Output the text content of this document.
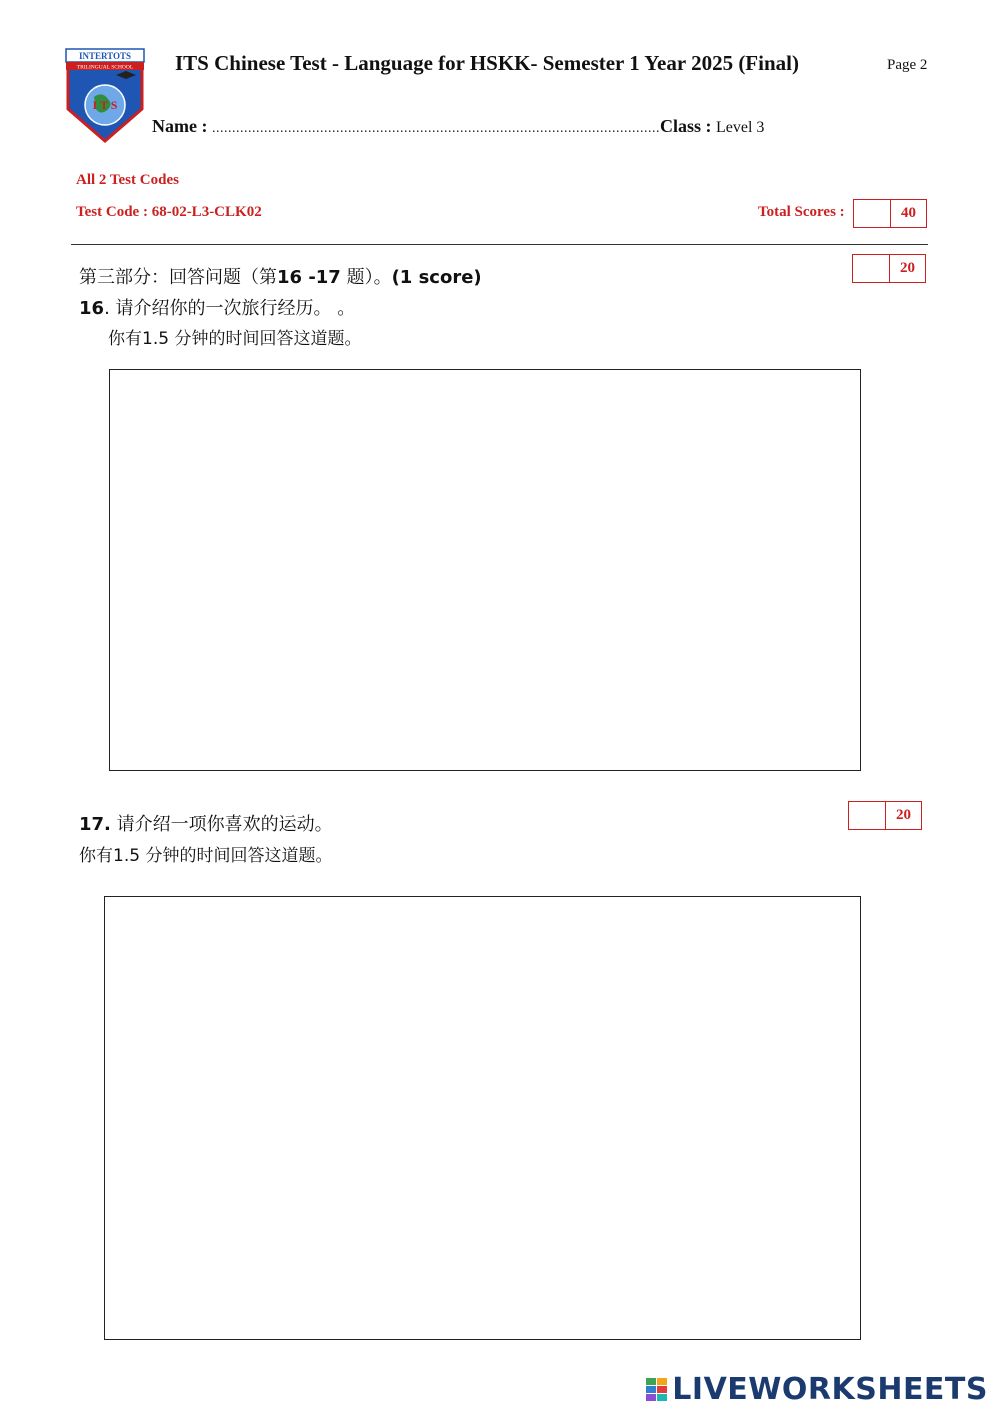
INTERTOTS
TRILINGUAL SCHOOL
I T S
ITS Chinese Test - Language for HSKK- Semester 1 Year 2025 (Final)	Page 2
Name : ................................................................................................................Class : Level 3
All 2 Test Codes
Test Code : 68-02-L3-CLK02	Total Scores :	40
20
第三部分：回答问题（第16 -17 题）。(1 score)
16. 请介绍你的一次旅行经历。 。
你有1.5 分钟的时间回答这道题。
20
17. 请介绍一项你喜欢的运动。
你有1.5 分钟的时间回答这道题。
LIVEWORKSHEETS
